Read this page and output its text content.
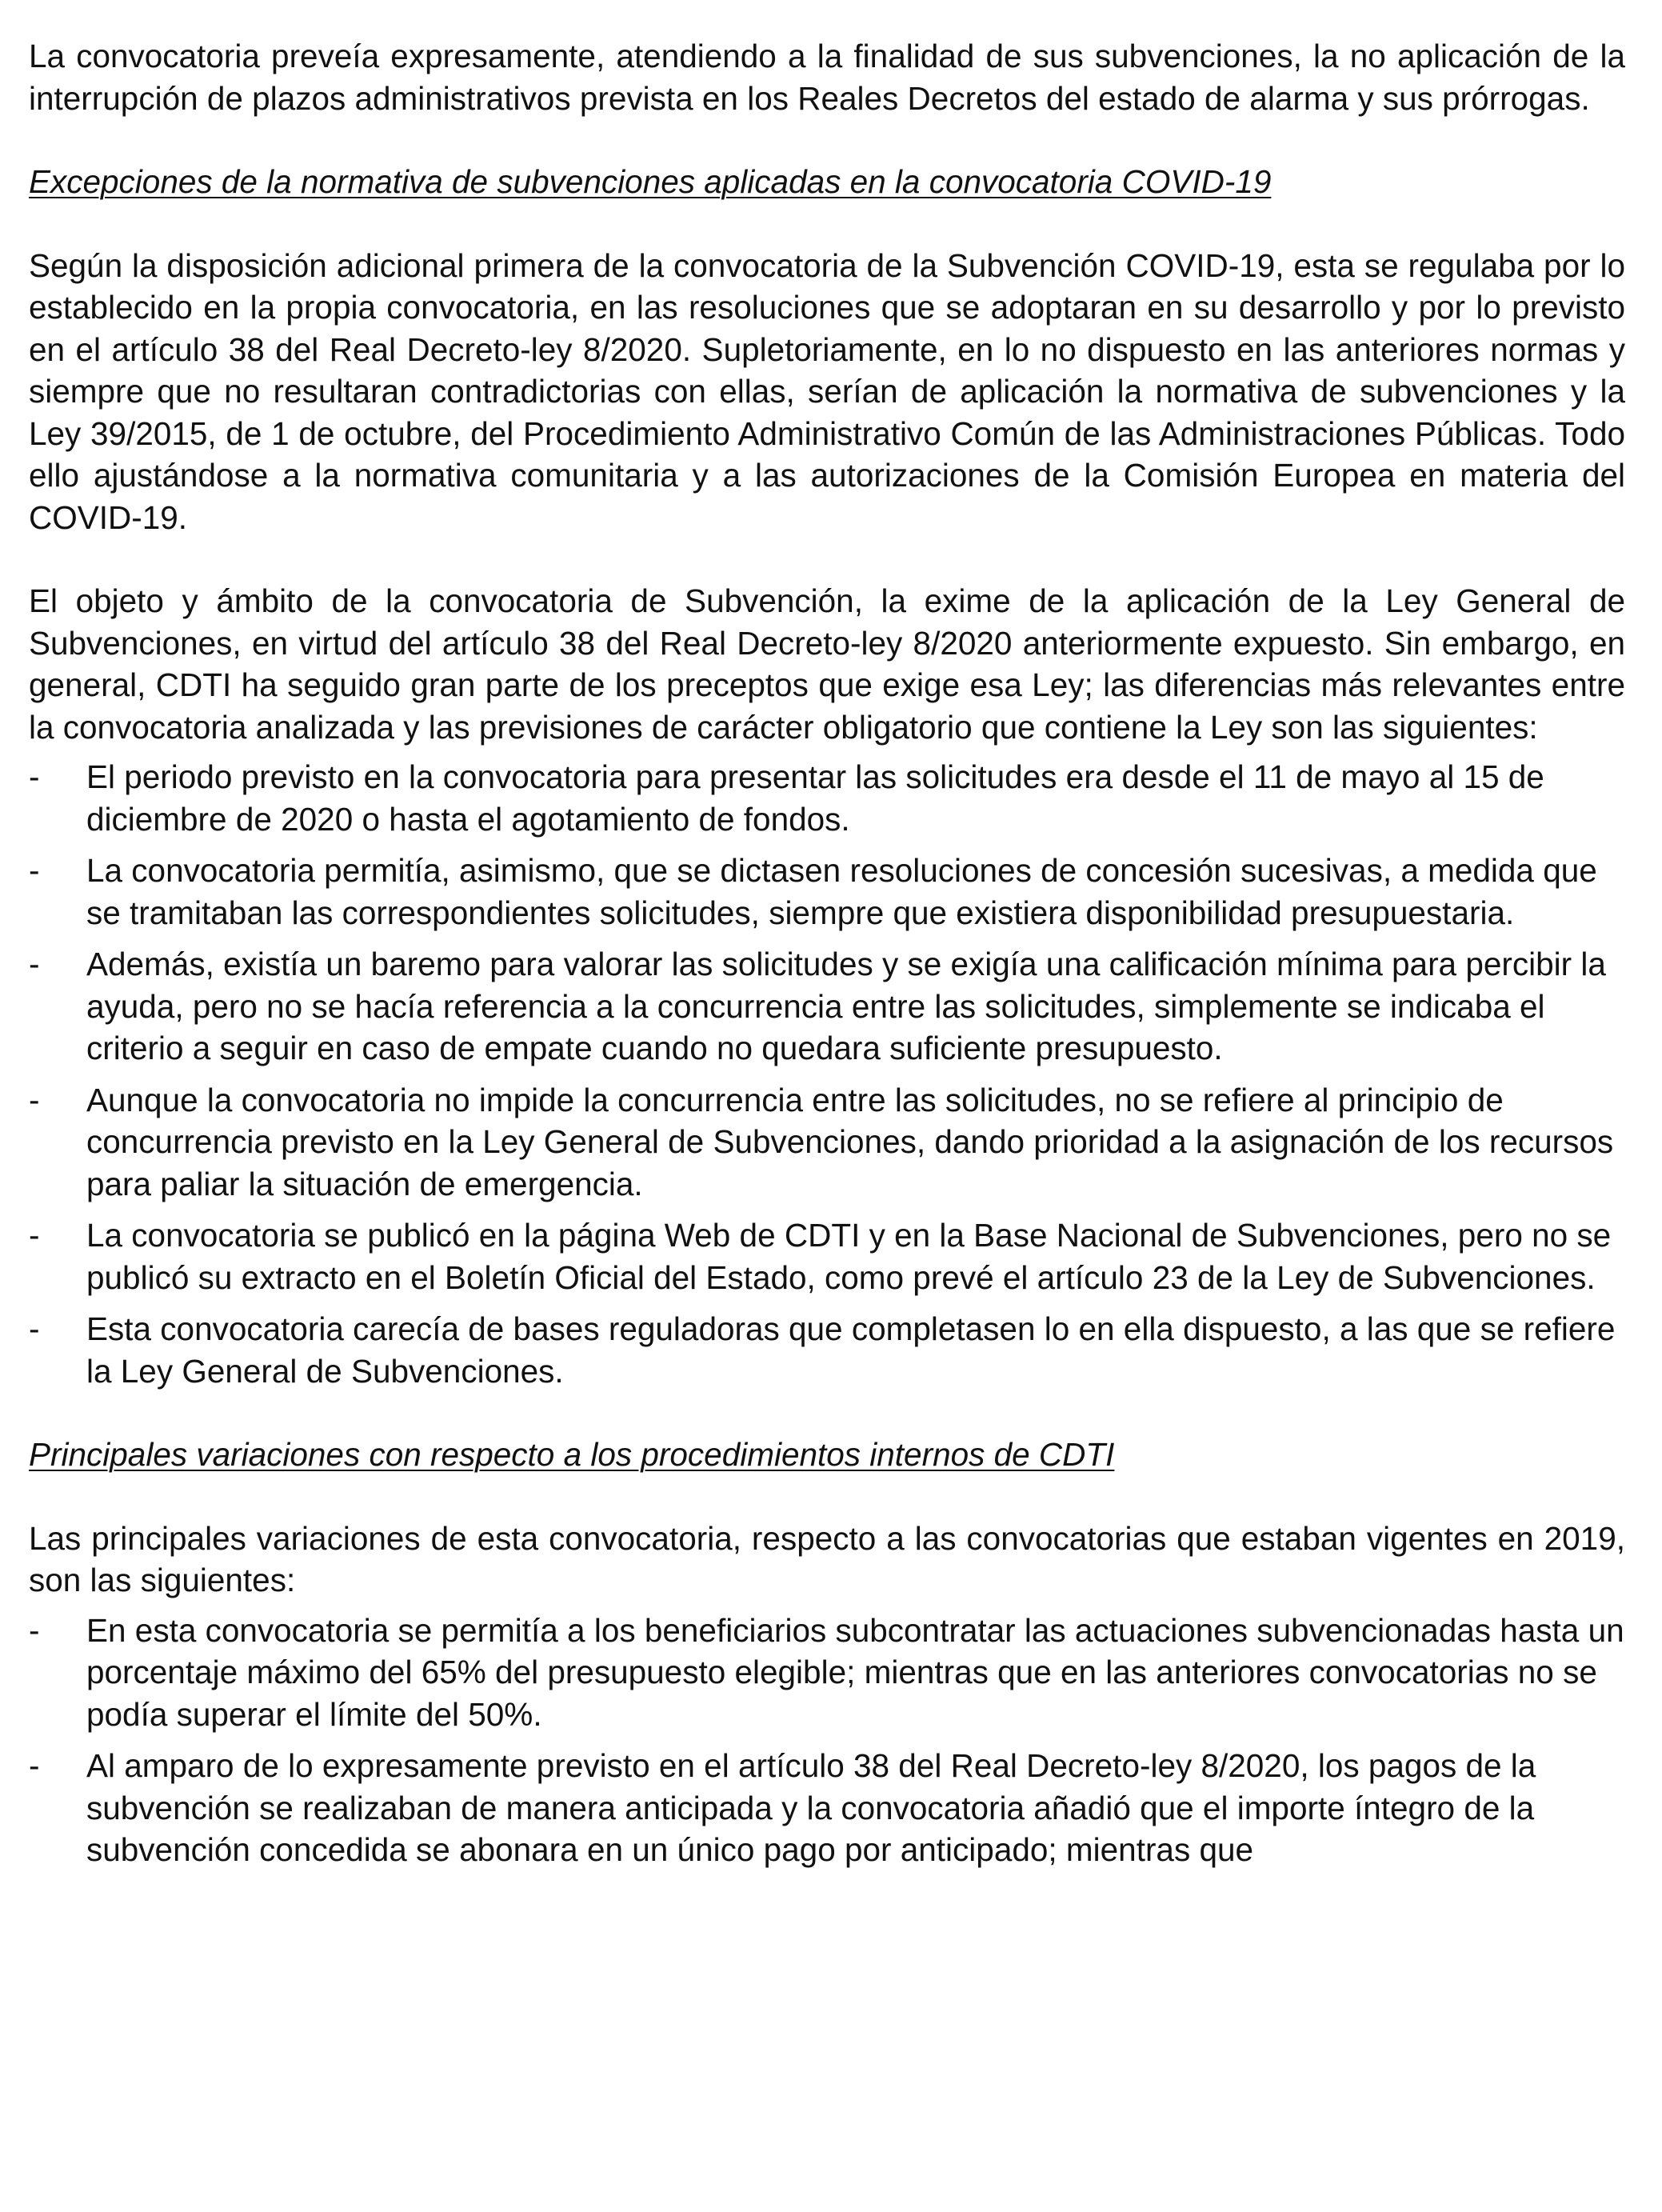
La convocatoria preveía expresamente, atendiendo a la finalidad de sus subvenciones, la no aplicación de la interrupción de plazos administrativos prevista en los Reales Decretos del estado de alarma y sus prórrogas.

Excepciones de la normativa de subvenciones aplicadas en la convocatoria COVID-19

Según la disposición adicional primera de la convocatoria de la Subvención COVID-19, esta se regulaba por lo establecido en la propia convocatoria, en las resoluciones que se adoptaran en su desarrollo y por lo previsto en el artículo 38 del Real Decreto-ley 8/2020. Supletoriamente, en lo no dispuesto en las anteriores normas y siempre que no resultaran contradictorias con ellas, serían de aplicación la normativa de subvenciones y la Ley 39/2015, de 1 de octubre, del Procedimiento Administrativo Común de las Administraciones Públicas. Todo ello ajustándose a la normativa comunitaria y a las autorizaciones de la Comisión Europea en materia del COVID-19.

El objeto y ámbito de la convocatoria de Subvención, la exime de la aplicación de la Ley General de Subvenciones, en virtud del artículo 38 del Real Decreto-ley 8/2020 anteriormente expuesto. Sin embargo, en general, CDTI ha seguido gran parte de los preceptos que exige esa Ley; las diferencias más relevantes entre la convocatoria analizada y las previsiones de carácter obligatorio que contiene la Ley son las siguientes:

-	El periodo previsto en la convocatoria para presentar las solicitudes era desde el 11 de mayo al 15 de diciembre de 2020 o hasta el agotamiento de fondos.
-	La convocatoria permitía, asimismo, que se dictasen resoluciones de concesión sucesivas, a medida que se tramitaban las correspondientes solicitudes, siempre que existiera disponibilidad presupuestaria.
-	Además, existía un baremo para valorar las solicitudes y se exigía una calificación mínima para percibir la ayuda, pero no se hacía referencia a la concurrencia entre las solicitudes, simplemente se indicaba el criterio a seguir en caso de empate cuando no quedara suficiente presupuesto.
-	Aunque la convocatoria no impide la concurrencia entre las solicitudes, no se refiere al principio de concurrencia previsto en la Ley General de Subvenciones, dando prioridad a la asignación de los recursos para paliar la situación de emergencia.
-	La convocatoria se publicó en la página Web de CDTI y en la Base Nacional de Subvenciones, pero no se publicó su extracto en el Boletín Oficial del Estado, como prevé el artículo 23 de la Ley de Subvenciones.
-	Esta convocatoria carecía de bases reguladoras que completasen lo en ella dispuesto, a las que se refiere la Ley General de Subvenciones.

Principales variaciones con respecto a los procedimientos internos de CDTI

Las principales variaciones de esta convocatoria, respecto a las convocatorias que estaban vigentes en 2019, son las siguientes:

-	En esta convocatoria se permitía a los beneficiarios subcontratar las actuaciones subvencionadas hasta un porcentaje máximo del 65% del presupuesto elegible; mientras que en las anteriores convocatorias no se podía superar el límite del 50%.
-	Al amparo de lo expresamente previsto en el artículo 38 del Real Decreto-ley 8/2020, los pagos de la subvención se realizaban de manera anticipada y la convocatoria añadió que el importe íntegro de la subvención concedida se abonara en un único pago por anticipado; mientras que
